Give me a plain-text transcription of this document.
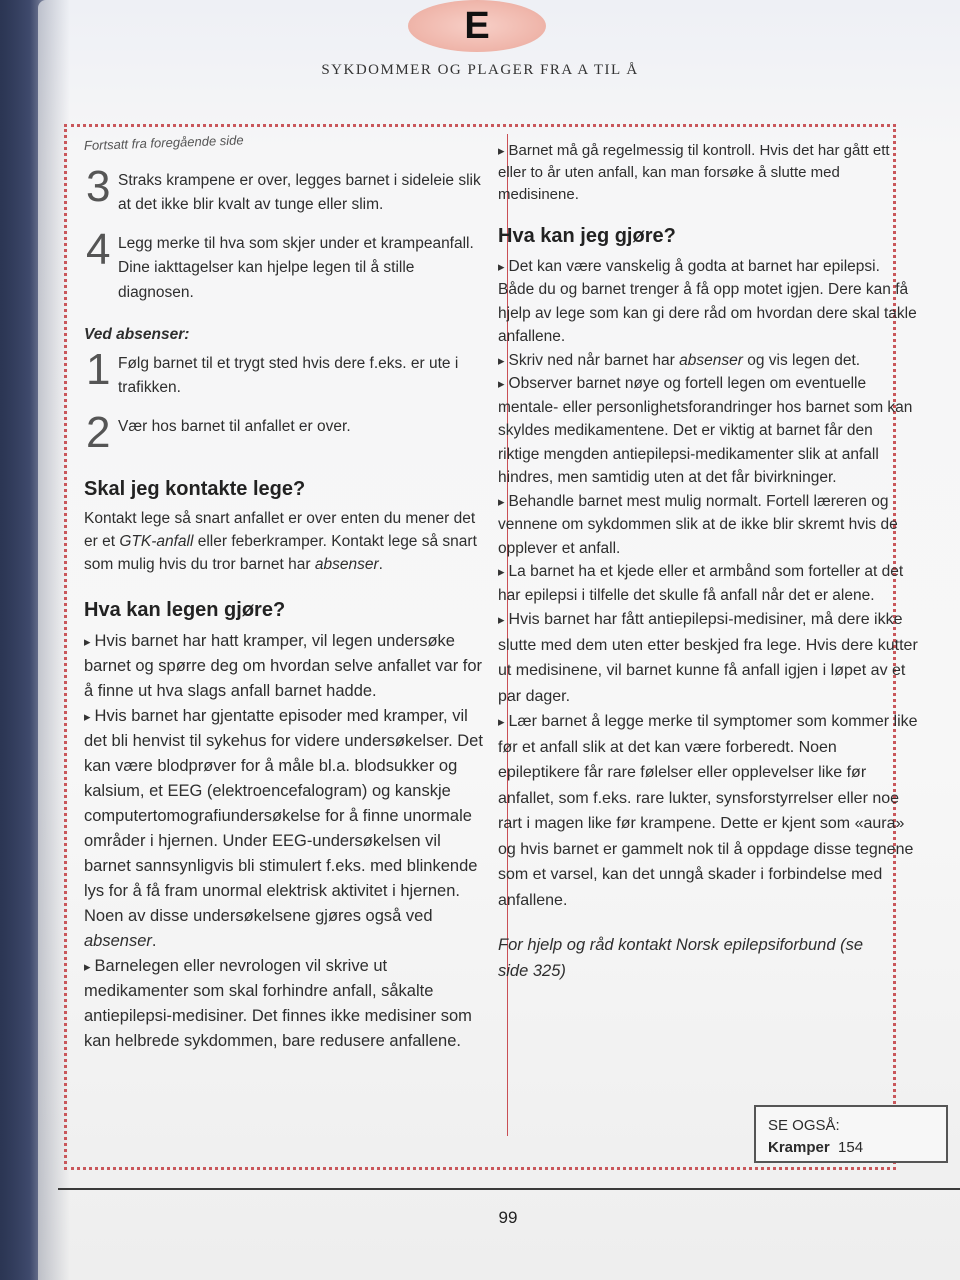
E
SYKDOMMER OG PLAGER FRA A TIL Å

Fortsatt fra foregående side

3 Straks krampene er over, legges barnet i sideleie slik at det ikke blir kvalt av tunge eller slim.

4 Legg merke til hva som skjer under et krampeanfall. Dine iakttagelser kan hjelpe legen til å stille diagnosen.

Ved absenser:

1 Følg barnet til et trygt sted hvis dere f.eks. er ute i trafikken.

2 Vær hos barnet til anfallet er over.

Skal jeg kontakte lege?

Kontakt lege så snart anfallet er over enten du mener det er et GTK-anfall eller feberkramper. Kontakt lege så snart som mulig hvis du tror barnet har absenser.

Hva kan legen gjøre?

▸ Hvis barnet har hatt kramper, vil legen undersøke barnet og spørre deg om hvordan selve anfallet var for å finne ut hva slags anfall barnet hadde.

▸ Hvis barnet har gjentatte episoder med kramper, vil det bli henvist til sykehus for videre undersøkelser. Det kan være blodprøver for å måle bl.a. blodsukker og kalsium, et EEG (elektroencefalogram) og kanskje computertomografiundersøkelse for å finne unormale områder i hjernen. Under EEG-undersøkelsen vil barnet sannsynligvis bli stimulert f.eks. med blinkende lys for å få fram unormal elektrisk aktivitet i hjernen. Noen av disse undersøkelsene gjøres også ved absenser.

▸ Barnelegen eller nevrologen vil skrive ut medikamenter som skal forhindre anfall, såkalte antiepilepsi-medisiner. Det finnes ikke medisiner som kan helbrede sykdommen, bare redusere anfallene.

▸ Barnet må gå regelmessig til kontroll. Hvis det har gått ett eller to år uten anfall, kan man forsøke å slutte med medisinene.

Hva kan jeg gjøre?

▸ Det kan være vanskelig å godta at barnet har epilepsi. Både du og barnet trenger å få opp motet igjen. Dere kan få hjelp av lege som kan gi dere råd om hvordan dere skal takle anfallene.

▸ Skriv ned når barnet har absenser og vis legen det.

▸ Observer barnet nøye og fortell legen om eventuelle mentale- eller personlighetsforandringer hos barnet som kan skyldes medikamentene. Det er viktig at barnet får den riktige mengden antiepilepsi-medikamenter slik at anfall hindres, men samtidig uten at det får bivirkninger.

▸ Behandle barnet mest mulig normalt. Fortell læreren og vennene om sykdommen slik at de ikke blir skremt hvis de opplever et anfall.

▸ La barnet ha et kjede eller et armbånd som forteller at det har epilepsi i tilfelle det skulle få anfall når det er alene.

▸ Hvis barnet har fått antiepilepsi-medisiner, må dere ikke slutte med dem uten etter beskjed fra lege. Hvis dere kutter ut medisinene, vil barnet kunne få anfall igjen i løpet av et par dager.

▸ Lær barnet å legge merke til symptomer som kommer like før et anfall slik at det kan være forberedt. Noen epileptikere får rare følelser eller opplevelser like før anfallet, som f.eks. rare lukter, synsforstyrrelser eller noe rart i magen like før krampene. Dette er kjent som «aura» og hvis barnet er gammelt nok til å oppdage disse tegnene som et varsel, kan det unngå skader i forbindelse med anfallene.

For hjelp og råd kontakt Norsk epilepsiforbund (se side 325)

SE OGSÅ:
Kramper 154
99
